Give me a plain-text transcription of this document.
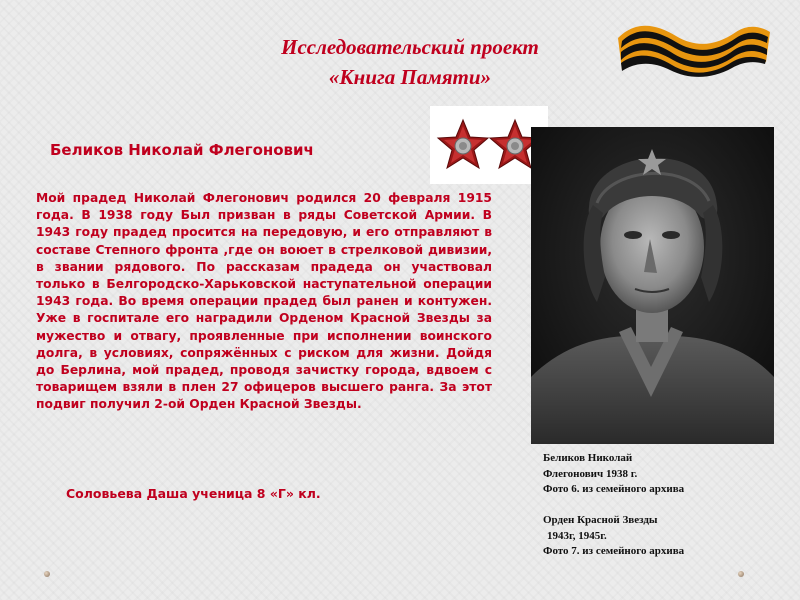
Исследовательский проект
«Книга Памяти»
Беликов Николай Флегонович
Мой прадед Николай Флегонович родился 20 февраля 1915 года. В 1938 году Был призван в ряды Советской Армии. В 1943 году прадед просится на передовую, и его отправляют в составе Степного фронта ,где он воюет в стрелковой дивизии, в звании рядового. По рассказам прадеда он участвовал только в Белгородско-Харьковской наступательной операции 1943 года. Во время операции прадед был ранен и контужен. Уже в госпитале его наградили Орденом Красной Звезды за мужество и отвагу, проявленные при исполнении воинского долга, в условиях, сопряжённых с риском для жизни. Дойдя до Берлина, мой прадед, проводя зачистку города, вдвоем с товарищем взяли в плен 27 офицеров высшего ранга. За этот подвиг получил 2-ой Орден Красной Звезды.
Соловьева Даша ученица 8 «Г» кл.
Беликов Николай
Флегонович 1938 г.
Фото 6. из семейного архива
Орден Красной Звезды
1943г, 1945г.
Фото 7. из семейного архива
